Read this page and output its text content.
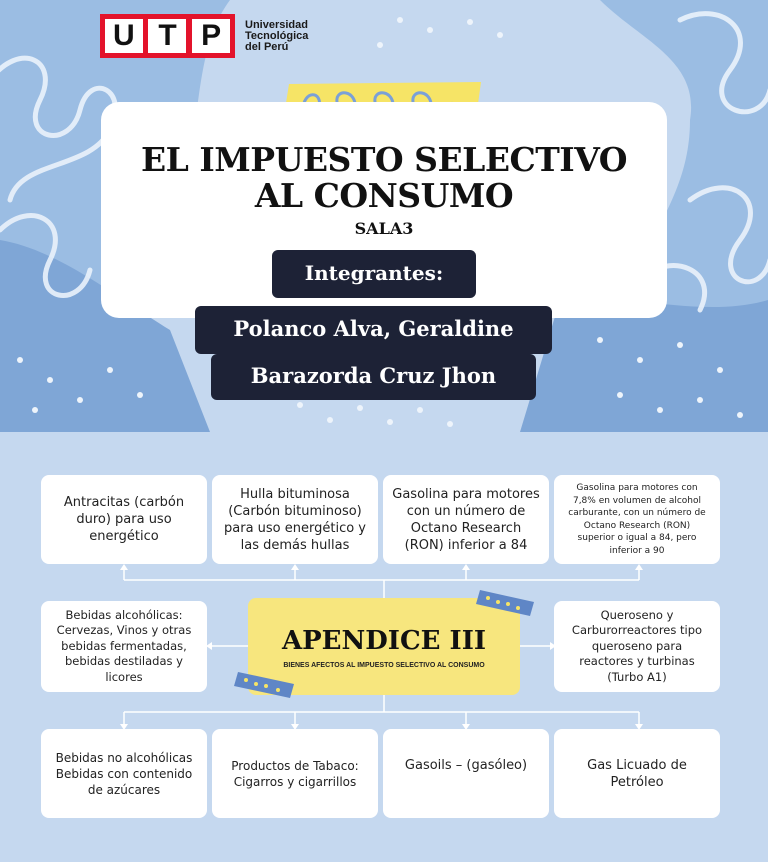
U T P	Universidad
Tecnológica
del Perú
EL IMPUESTO SELECTIVO
AL CONSUMO
SALA3
Integrantes:
Polanco Alva, Geraldine
Barazorda Cruz Jhon
Antracitas (carbón
duro) para uso
energético
Hulla bituminosa
(Carbón bituminoso)
para uso energético y
las demás hullas
Gasolina para motores
con un número de
Octano Research
(RON) inferior a 84
Gasolina para motores con
7,8% en volumen de alcohol
carburante, con un número de
Octano Research (RON)
superior o igual a 84, pero
inferior a 90
Bebidas alcohólicas:
Cervezas, Vinos y otras
bebidas fermentadas,
bebidas destiladas y
licores
APENDICE III
BIENES AFECTOS AL IMPUESTO SELECTIVO AL CONSUMO
Queroseno y
Carburorreactores tipo
queroseno para
reactores y turbinas
(Turbo A1)
Bebidas no alcohólicas
Bebidas con contenido
de azúcares
Productos de Tabaco:
Cigarros y cigarrillos
Gasoils – (gasóleo)	Gas Licuado de
Petróleo
